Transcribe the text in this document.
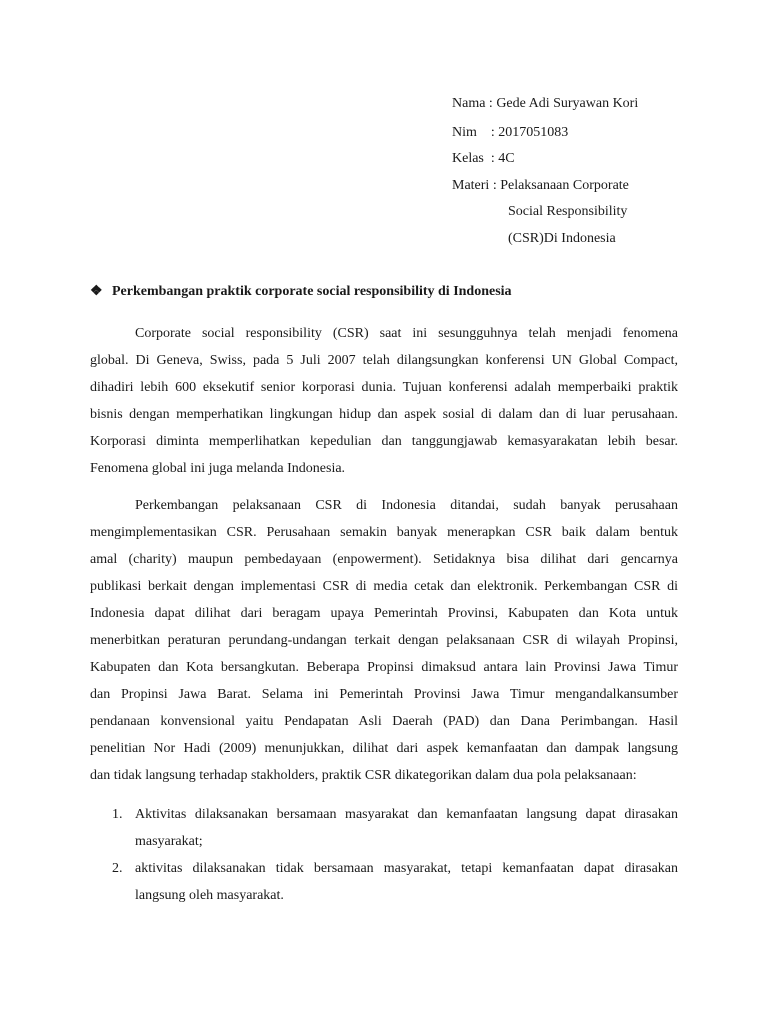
Nama : Gede Adi Suryawan Kori
Nim    : 2017051083
Kelas  : 4C
Materi : Pelaksanaan Corporate
Social Responsibility
(CSR)Di Indonesia
❖ Perkembangan praktik corporate social responsibility di Indonesia
Corporate social responsibility (CSR) saat ini sesungguhnya telah menjadi fenomena
global. Di Geneva, Swiss, pada 5 Juli 2007 telah dilangsungkan konferensi UN Global Compact,
dihadiri lebih 600 eksekutif senior korporasi dunia. Tujuan konferensi adalah memperbaiki praktik
bisnis dengan memperhatikan lingkungan hidup dan aspek sosial di dalam dan di luar perusahaan.
Korporasi diminta memperlihatkan kepedulian dan tanggungjawab kemasyarakatan lebih besar.
Fenomena global ini juga melanda Indonesia.
Perkembangan pelaksanaan CSR di Indonesia ditandai, sudah banyak perusahaan
mengimplementasikan CSR. Perusahaan semakin banyak menerapkan CSR baik dalam bentuk
amal (charity) maupun pembedayaan (enpowerment). Setidaknya bisa dilihat dari gencarnya
publikasi berkait dengan implementasi CSR di media cetak dan elektronik. Perkembangan CSR di
Indonesia dapat dilihat dari beragam upaya Pemerintah Provinsi, Kabupaten dan Kota untuk
menerbitkan peraturan perundang-undangan terkait dengan pelaksanaan CSR di wilayah Propinsi,
Kabupaten dan Kota bersangkutan. Beberapa Propinsi dimaksud antara lain Provinsi Jawa Timur
dan Propinsi Jawa Barat. Selama ini Pemerintah Provinsi Jawa Timur mengandalkansumber
pendanaan konvensional yaitu Pendapatan Asli Daerah (PAD) dan Dana Perimbangan. Hasil
penelitian Nor Hadi (2009) menunjukkan, dilihat dari aspek kemanfaatan dan dampak langsung
dan tidak langsung terhadap stakholders, praktik CSR dikategorikan dalam dua pola pelaksanaan:
1. Aktivitas dilaksanakan bersamaan masyarakat dan kemanfaatan langsung dapat dirasakan
masyarakat;
2. aktivitas dilaksanakan tidak bersamaan masyarakat, tetapi kemanfaatan dapat dirasakan
langsung oleh masyarakat.
